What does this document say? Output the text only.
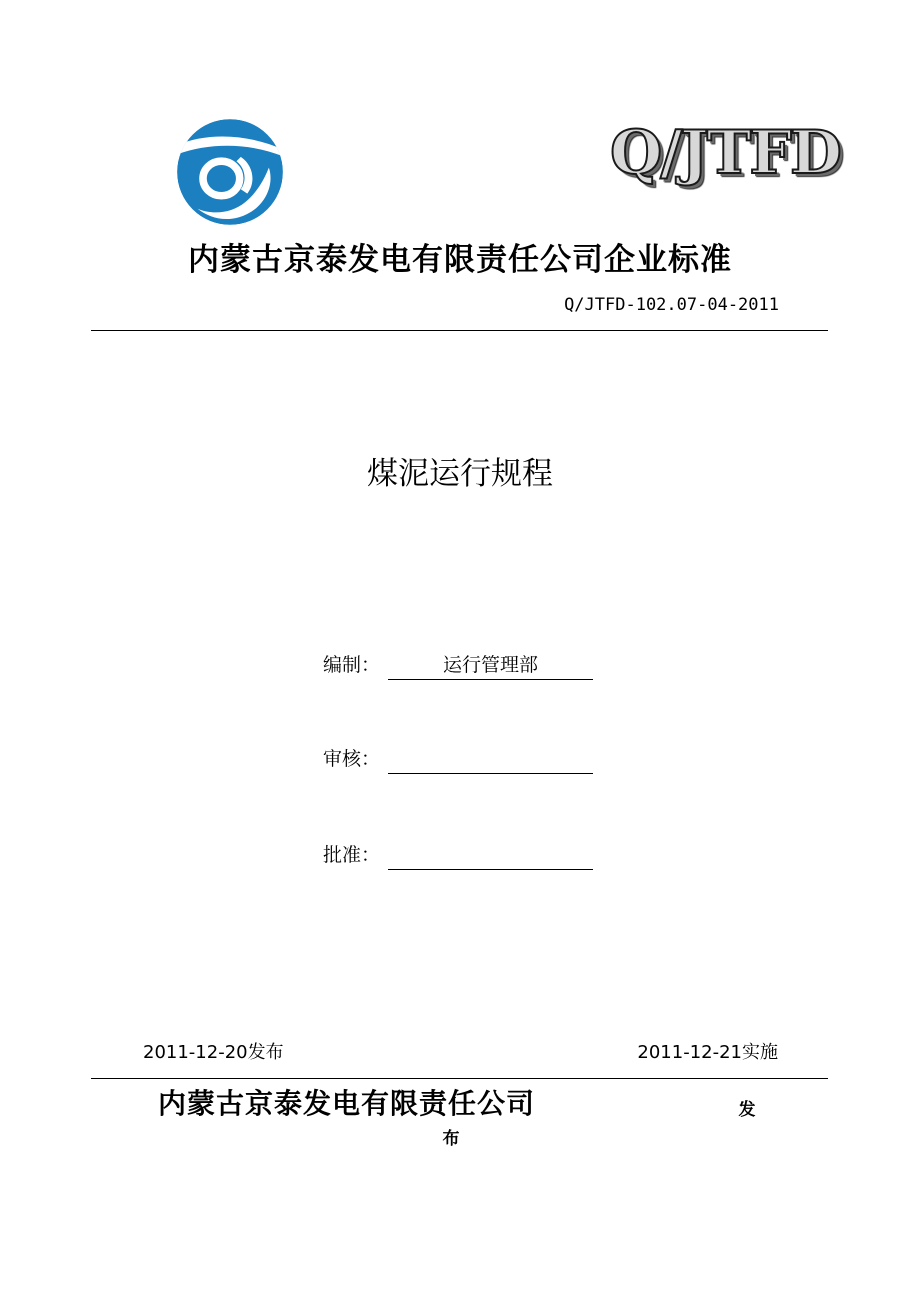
Q/JTFD
内蒙古京泰发电有限责任公司企业标准
Q/JTFD-102.07-04-2011
煤泥运行规程
编制：	运行管理部
审核：
批准：
2011-12-20发布	2011-12-21实施
内蒙古京泰发电有限责任公司	发
布
